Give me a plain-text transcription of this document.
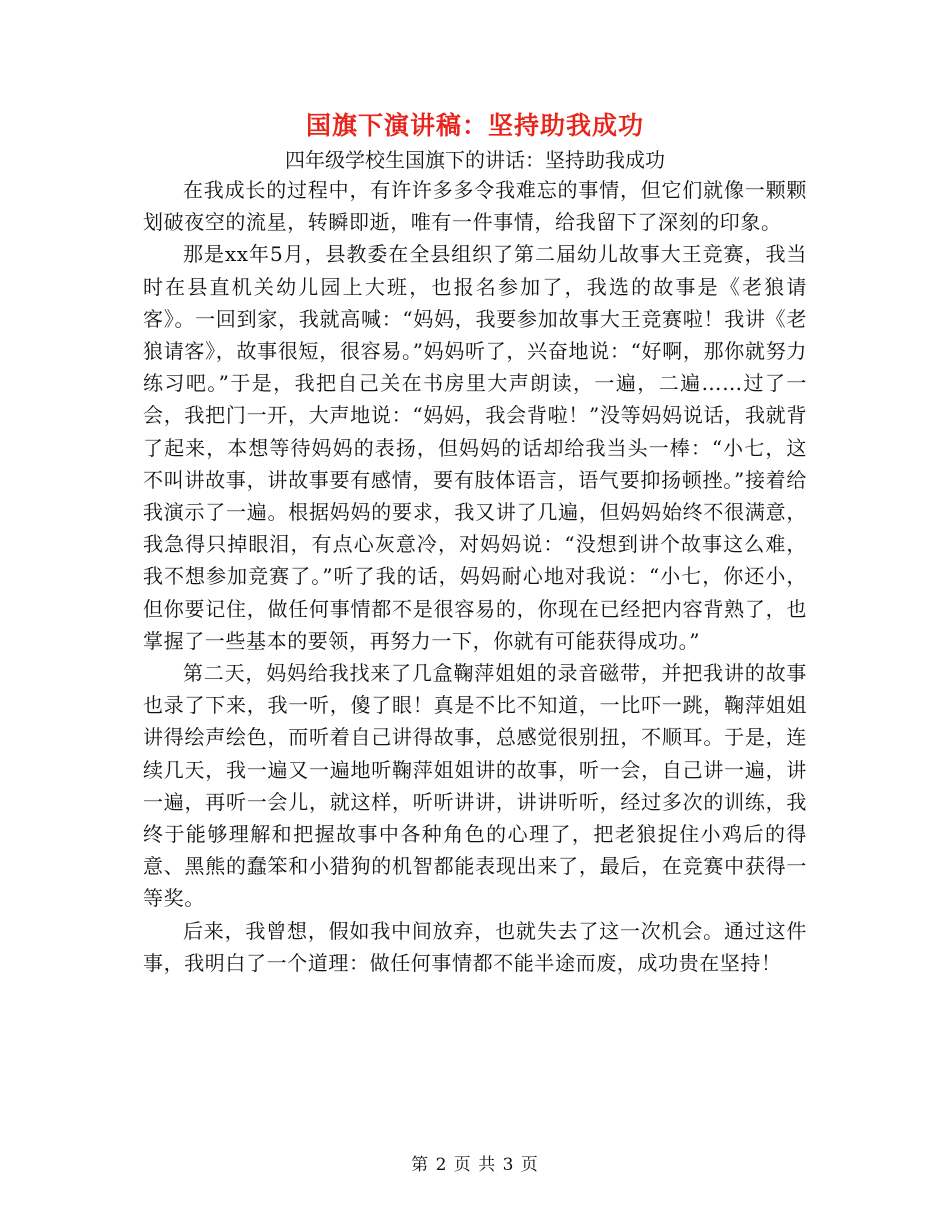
国旗下演讲稿：坚持助我成功
四年级学校生国旗下的讲话：坚持助我成功

在我成长的过程中，有许许多多令我难忘的事情，但它们就像一颗颗划破夜空的流星，转瞬即逝，唯有一件事情，给我留下了深刻的印象。

那是xx年5月，县教委在全县组织了第二届幼儿故事大王竞赛，我当时在县直机关幼儿园上大班，也报名参加了，我选的故事是《老狼请客》。一回到家，我就高喊：“妈妈，我要参加故事大王竞赛啦！我讲《老狼请客》，故事很短，很容易。”妈妈听了，兴奋地说：“好啊，那你就努力练习吧。”于是，我把自己关在书房里大声朗读，一遍，二遍……过了一会，我把门一开，大声地说：“妈妈，我会背啦！”没等妈妈说话，我就背了起来，本想等待妈妈的表扬，但妈妈的话却给我当头一棒：“小七，这不叫讲故事，讲故事要有感情，要有肢体语言，语气要抑扬顿挫。”接着给我演示了一遍。根据妈妈的要求，我又讲了几遍，但妈妈始终不很满意，我急得只掉眼泪，有点心灰意冷，对妈妈说：“没想到讲个故事这么难，我不想参加竞赛了。”听了我的话，妈妈耐心地对我说：“小七，你还小，但你要记住，做任何事情都不是很容易的，你现在已经把内容背熟了，也掌握了一些基本的要领，再努力一下，你就有可能获得成功。”

第二天，妈妈给我找来了几盒鞠萍姐姐的录音磁带，并把我讲的故事也录了下来，我一听，傻了眼！真是不比不知道，一比吓一跳，鞠萍姐姐讲得绘声绘色，而听着自己讲得故事，总感觉很别扭，不顺耳。于是，连续几天，我一遍又一遍地听鞠萍姐姐讲的故事，听一会，自己讲一遍，讲一遍，再听一会儿，就这样，听听讲讲，讲讲听听，经过多次的训练，我终于能够理解和把握故事中各种角色的心理了，把老狼捉住小鸡后的得意、黑熊的蠢笨和小猎狗的机智都能表现出来了，最后，在竞赛中获得一等奖。

后来，我曾想，假如我中间放弃，也就失去了这一次机会。通过这件事，我明白了一个道理：做任何事情都不能半途而废，成功贵在坚持！

第 2 页 共 3 页
